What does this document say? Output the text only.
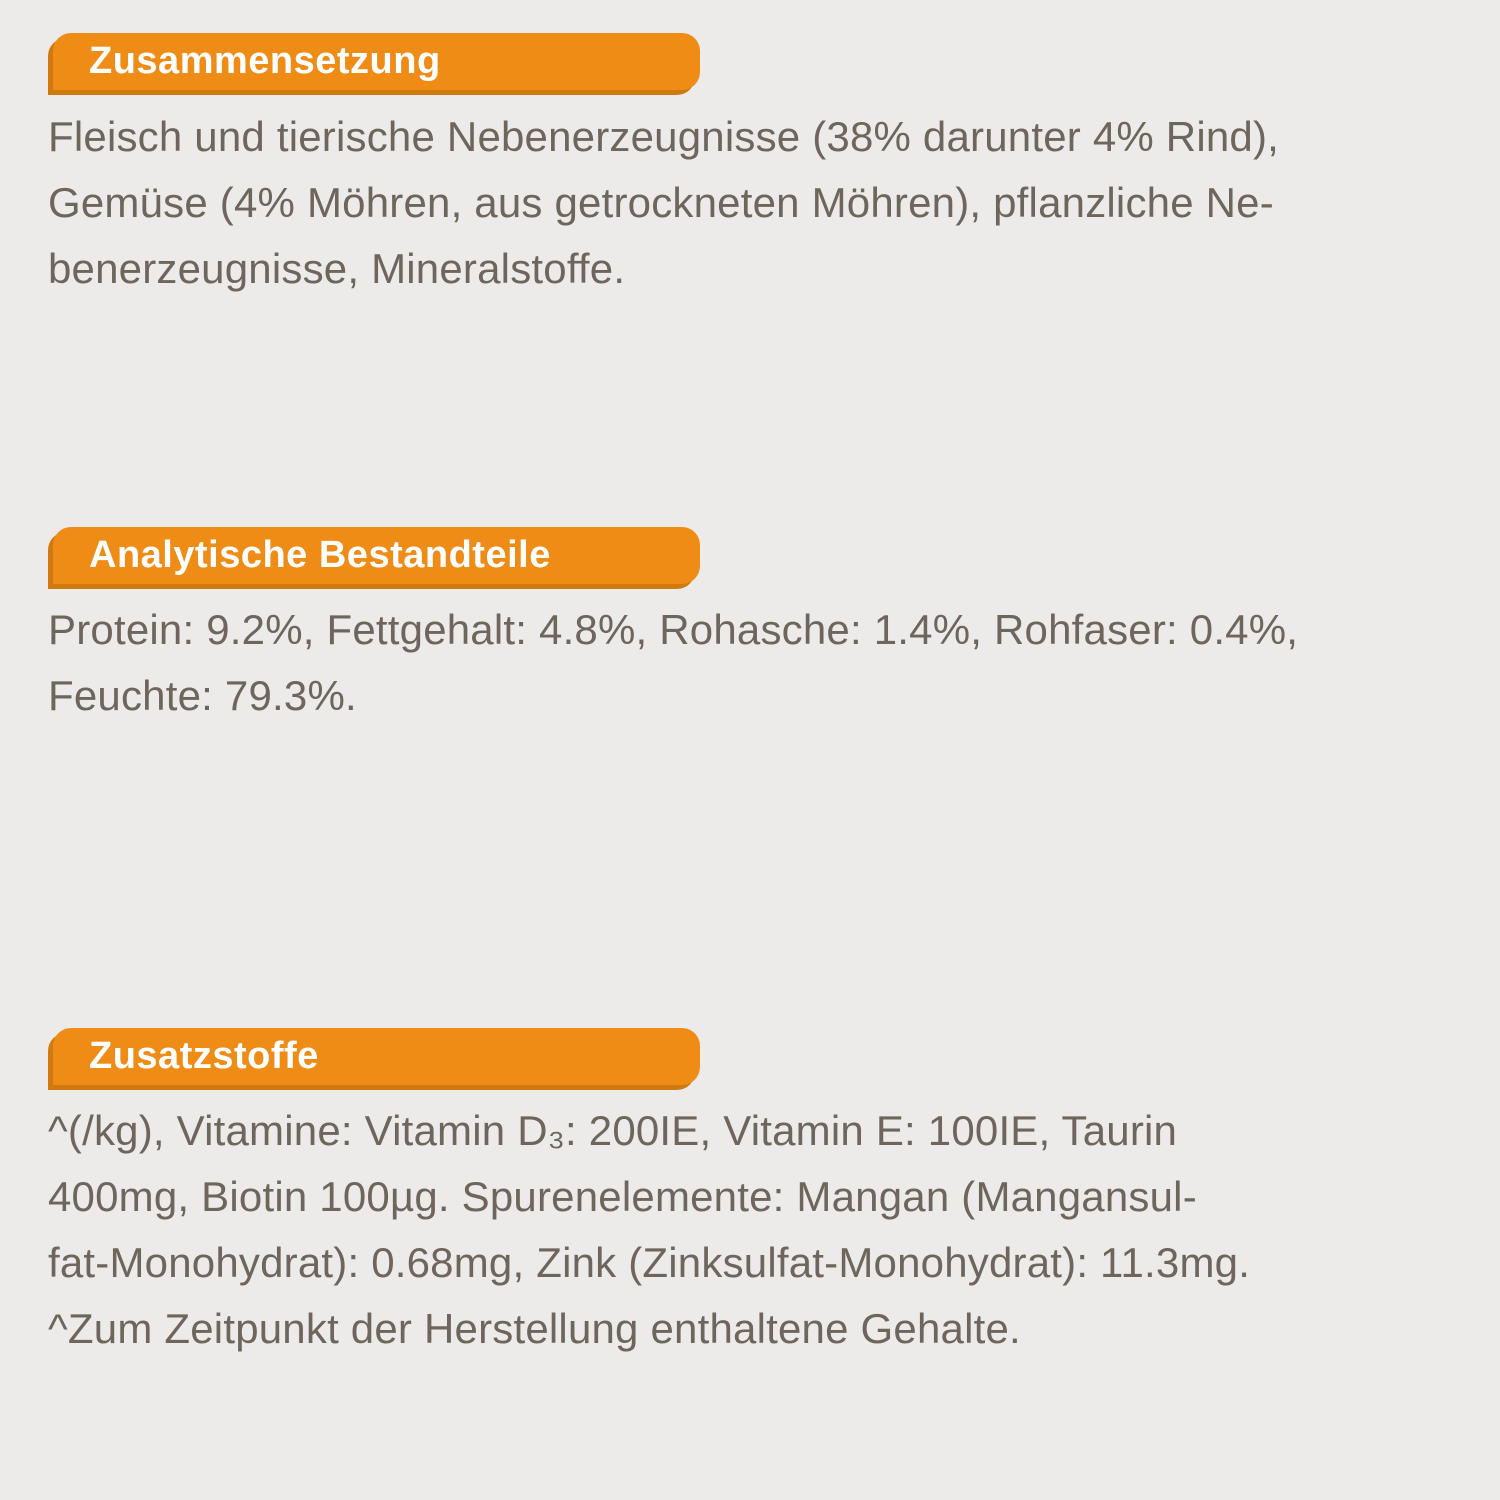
Zusammensetzung
Fleisch und tierische Nebenerzeugnisse (38% darunter 4% Rind),
Gemüse (4% Möhren, aus getrockneten Möhren), pflanzliche Ne-
benerzeugnisse, Mineralstoffe.
Analytische Bestandteile
Protein: 9.2%, Fettgehalt: 4.8%, Rohasche: 1.4%, Rohfaser: 0.4%,
Feuchte: 79.3%.
Zusatzstoffe
^(/kg), Vitamine: Vitamin D₃: 200IE, Vitamin E: 100IE, Taurin
400mg, Biotin 100µg. Spurenelemente: Mangan (Mangansul-
fat-Monohydrat): 0.68mg, Zink (Zinksulfat-Monohydrat): 11.3mg.
^Zum Zeitpunkt der Herstellung enthaltene Gehalte.
